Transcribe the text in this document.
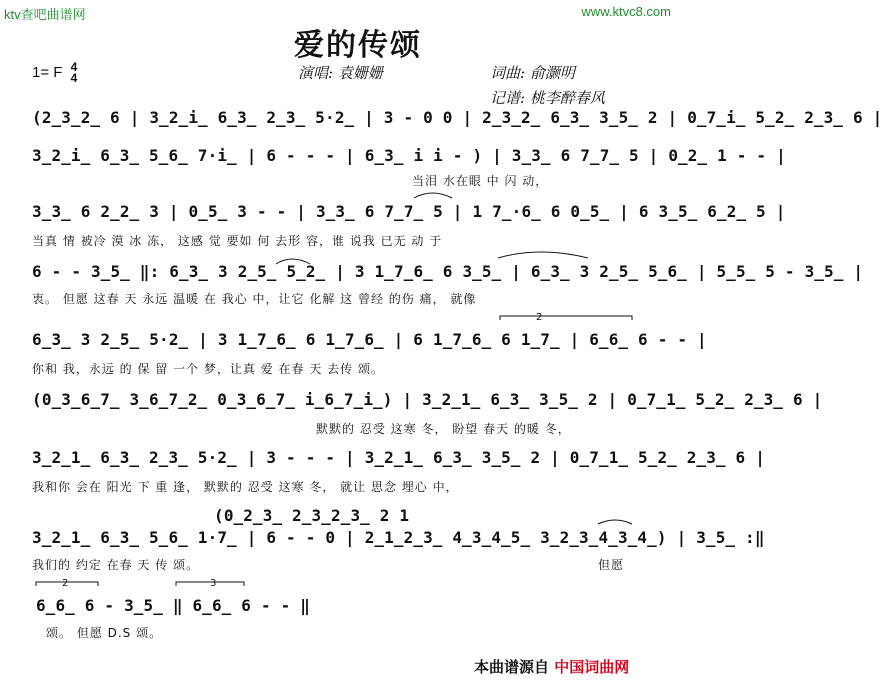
ktv查吧曲谱网	www.ktvc8.com
爱的传颂
1= F 4
4	演唱: 袁姗姗	词曲: 俞灏明
记谱: 桃李醉春风
(2̲3̲2̲ 6 | 3̲2̲i̲ 6̲3̲ 2̲3̲ 5·2̲ | 3 - 0 0 | 2̲3̲2̲ 6̲3̲ 3̲5̲ 2 | 0̲7̲i̲ 5̲2̲ 2̲3̲ 6 |
3̲2̲i̲ 6̲3̲ 5̲6̲ 7·i̲ | 6 - - - | 6̲3̲ i i - ) | 3̲3̲ 6 7̲7̲ 5 | 0̲2̲ 1 - - |
当泪 水在眼 中 闪 动，
3̲3̲ 6 2̲2̲ 3 | 0̲5̲ 3 - - | 3̲3̲ 6 7̲7̲ 5 | 1 7̲·6̲ 6 0̲5̲ | 6 3̲5̲ 6̲2̲ 5 |
当真 情 被冷 漠 冰 冻， 这感 觉 要如 何 去形 容，谁 说我 已无 动 于
6 - - 3̲5̲ ‖: 6̲3̲ 3 2̲5̲ 5̲2̲ | 3 1̲7̲6̲ 6 3̲5̲ | 6̲3̲ 3 2̲5̲ 5̲6̲ | 5̲5̲ 5 - 3̲5̲ |
衷。 但愿 这春 天 永远 温暖 在 我心 中，让它 化解 这 曾经 的伤 痛， 就像
6̲3̲ 3 2̲5̲ 5·2̲ | 3 1̲7̲6̲ 6 1̲7̲6̲ | 6 1̲7̲6̲ 6 1̲7̲ | 6̲6̲ 6 - - |
你和 我，永远 的 保 留 一个 梦，让真 爱 在春 天 去传 颂。
(0̲3̲6̲7̲ 3̲6̲7̲2̲ 0̲3̲6̲7̲ i̲6̲7̲i̲) | 3̲2̲1̲ 6̲3̲ 3̲5̲ 2 | 0̲7̲1̲ 5̲2̲ 2̲3̲ 6 |
默默的 忍受 这寒 冬， 盼望 春天 的暖 冬，
3̲2̲1̲ 6̲3̲ 2̲3̲ 5·2̲ | 3 - - - | 3̲2̲1̲ 6̲3̲ 3̲5̲ 2 | 0̲7̲1̲ 5̲2̲ 2̲3̲ 6 |
我和你 会在 阳光 下 重 逢， 默默的 忍受 这寒 冬， 就让 思念 埋心 中，
(0̲2̲3̲ 2̲3̲2̲3̲ 2 1
3̲2̲1̲ 6̲3̲ 5̲6̲ 1·7̲ | 6 - - 0 | 2̲1̲2̲3̲ 4̲3̲4̲5̲ 3̲2̲3̲4̲3̲4̲) | 3̲5̲ :‖
我们的 约定 在春 天 传 颂。	但愿
6̲6̲ 6 - 3̲5̲ ‖ 6̲6̲ 6 - - ‖
颂。 但愿 D.S 颂。
2
2	3
本曲谱源自 中国词曲网
